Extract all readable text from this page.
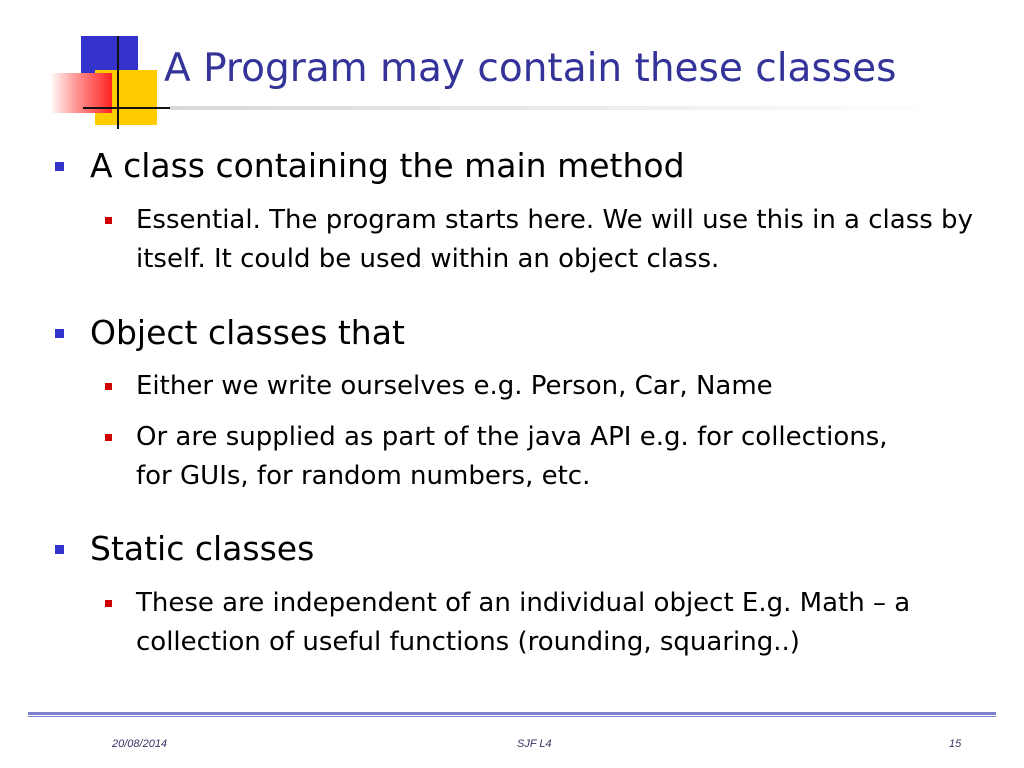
A Program may contain these classes
A class containing the main method
Essential. The program starts here. We will use this in a class by itself. It could be used within an object class.
Object classes that
Either we write ourselves e.g. Person, Car, Name
Or are supplied as part of the java API e.g. for collections, for GUIs, for random numbers, etc.
Static classes
These are independent of an individual object E.g. Math – a collection of useful functions (rounding, squaring..)
20/08/2014	SJF L4	15
